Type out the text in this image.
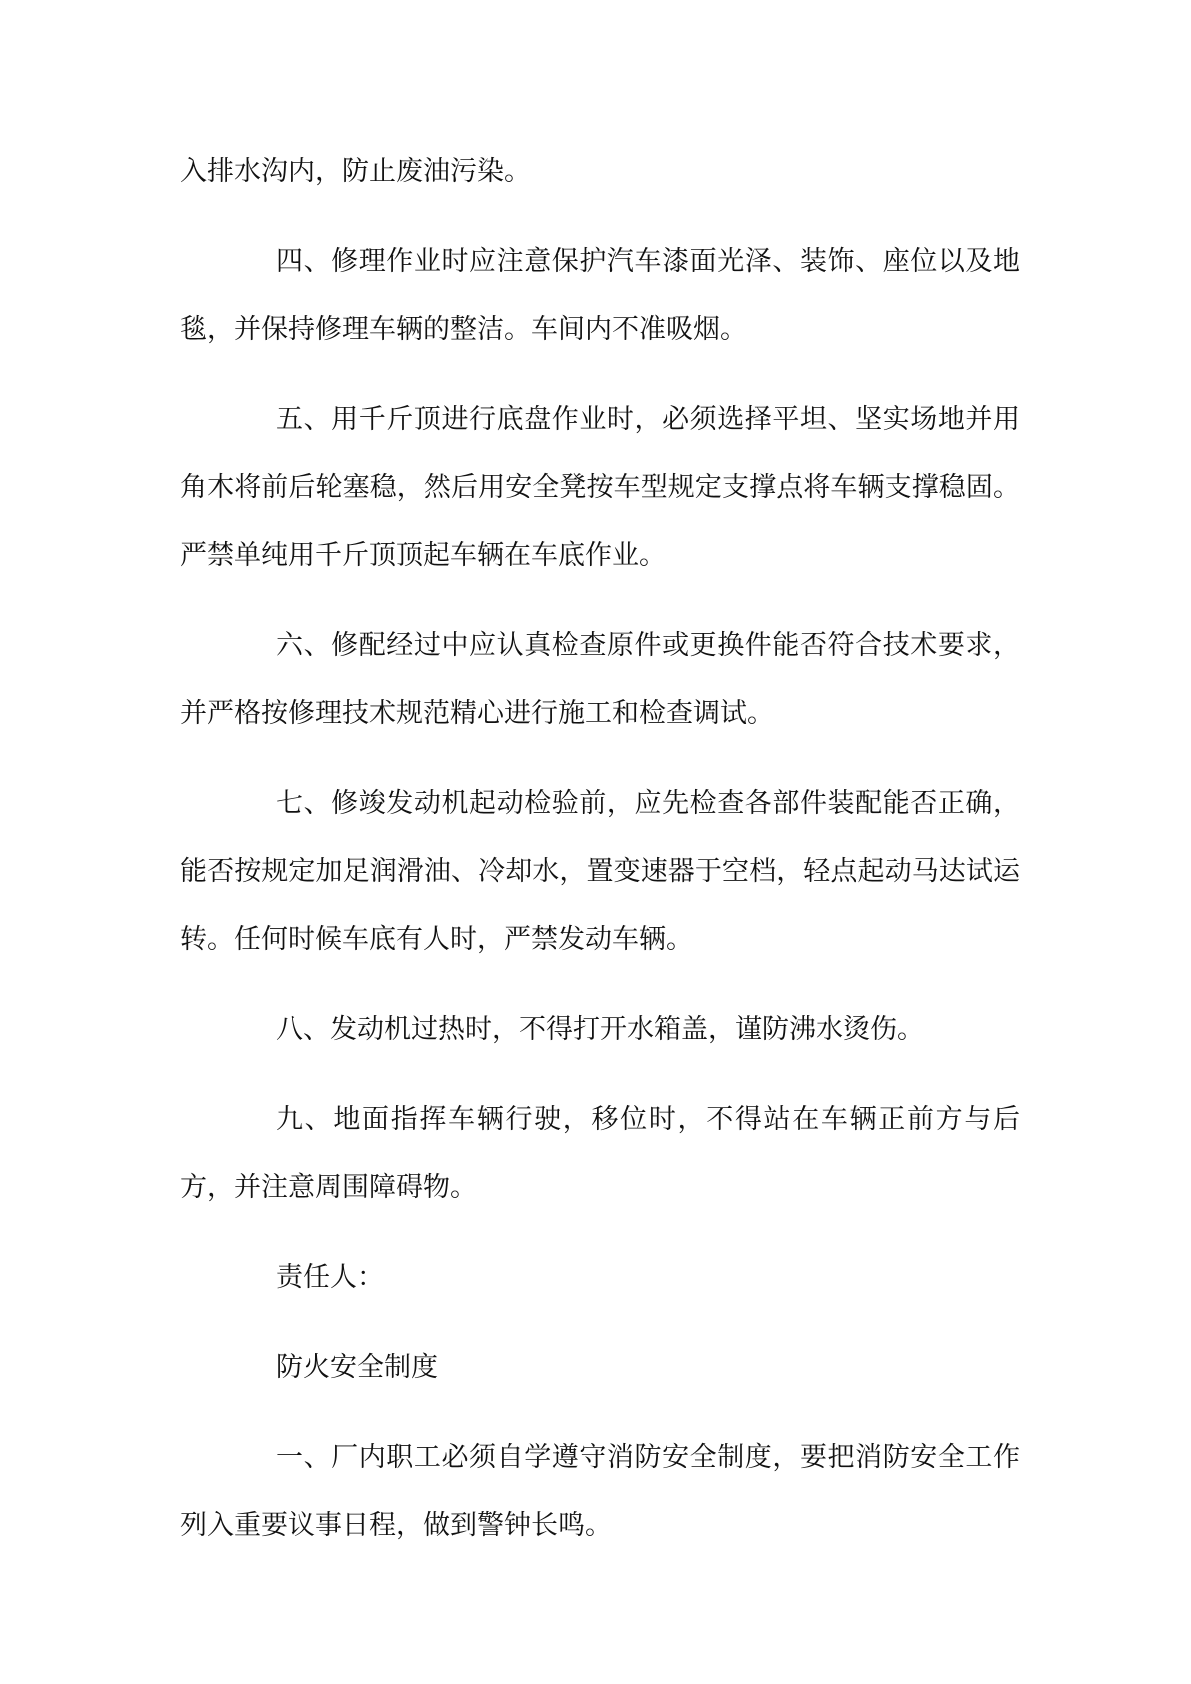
入排水沟内，防止废油污染。

四、修理作业时应注意保护汽车漆面光泽、装饰、座位以及地毯，并保持修理车辆的整洁。车间内不准吸烟。

五、用千斤顶进行底盘作业时，必须选择平坦、坚实场地并用角木将前后轮塞稳，然后用安全凳按车型规定支撑点将车辆支撑稳固。严禁单纯用千斤顶顶起车辆在车底作业。

六、修配经过中应认真检查原件或更换件能否符合技术要求，并严格按修理技术规范精心进行施工和检查调试。

七、修竣发动机起动检验前，应先检查各部件装配能否正确，能否按规定加足润滑油、冷却水，置变速器于空档，轻点起动马达试运转。任何时候车底有人时，严禁发动车辆。

八、发动机过热时，不得打开水箱盖，谨防沸水烫伤。

九、地面指挥车辆行驶，移位时，不得站在车辆正前方与后方，并注意周围障碍物。

责任人：

防火安全制度

一、厂内职工必须自学遵守消防安全制度，要把消防安全工作列入重要议事日程，做到警钟长鸣。
